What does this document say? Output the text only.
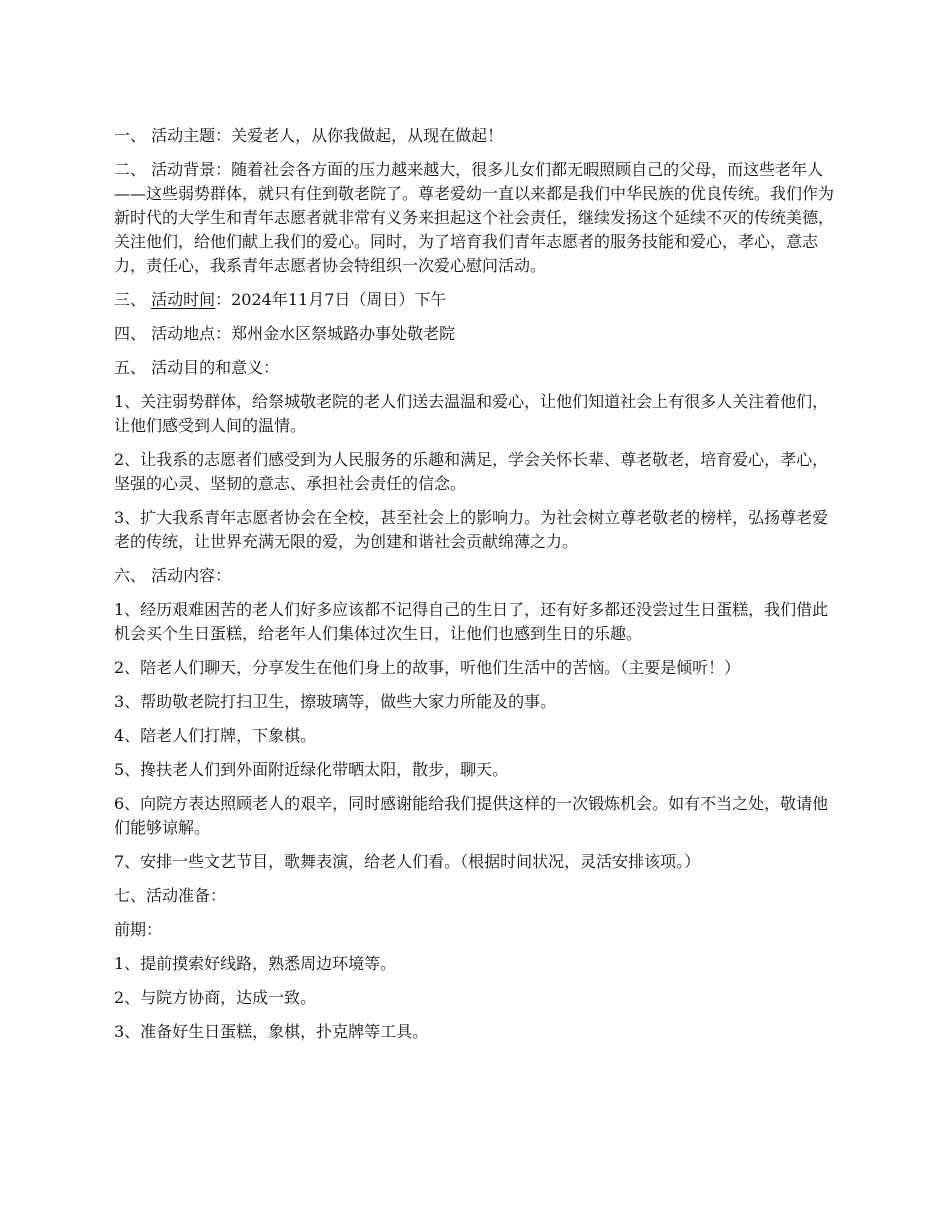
一、 活动主题：关爱老人，从你我做起，从现在做起！

二、 活动背景：随着社会各方面的压力越来越大，很多儿女们都无暇照顾自己的父母，而这些老年人——这些弱势群体，就只有住到敬老院了。尊老爱幼一直以来都是我们中华民族的优良传统。我们作为新时代的大学生和青年志愿者就非常有义务来担起这个社会责任，继续发扬这个延续不灭的传统美德，关注他们，给他们献上我们的爱心。同时，为了培育我们青年志愿者的服务技能和爱心，孝心，意志力，责任心，我系青年志愿者协会特组织一次爱心慰问活动。

三、 活动时间：2024年11月7日（周日）下午

四、 活动地点：郑州金水区祭城路办事处敬老院

五、 活动目的和意义：

1、关注弱势群体，给祭城敬老院的老人们送去温温和爱心，让他们知道社会上有很多人关注着他们，让他们感受到人间的温情。

2、让我系的志愿者们感受到为人民服务的乐趣和满足，学会关怀长辈、尊老敬老，培育爱心，孝心，坚强的心灵、坚韧的意志、承担社会责任的信念。

3、扩大我系青年志愿者协会在全校，甚至社会上的影响力。为社会树立尊老敬老的榜样，弘扬尊老爱老的传统，让世界充满无限的爱，为创建和谐社会贡献绵薄之力。

六、 活动内容：

1、经历艰难困苦的老人们好多应该都不记得自己的生日了，还有好多都还没尝过生日蛋糕，我们借此机会买个生日蛋糕，给老年人们集体过次生日，让他们也感到生日的乐趣。

2、陪老人们聊天，分享发生在他们身上的故事，听他们生活中的苦恼。（主要是倾听！）

3、帮助敬老院打扫卫生，擦玻璃等，做些大家力所能及的事。

4、陪老人们打牌，下象棋。

5、搀扶老人们到外面附近绿化带晒太阳，散步，聊天。

6、向院方表达照顾老人的艰辛，同时感谢能给我们提供这样的一次锻炼机会。如有不当之处，敬请他们能够谅解。

7、安排一些文艺节目，歌舞表演，给老人们看。（根据时间状况，灵活安排该项。）

七、活动准备：

前期：

1、提前摸索好线路，熟悉周边环境等。

2、与院方协商，达成一致。

3、准备好生日蛋糕，象棋，扑克牌等工具。
